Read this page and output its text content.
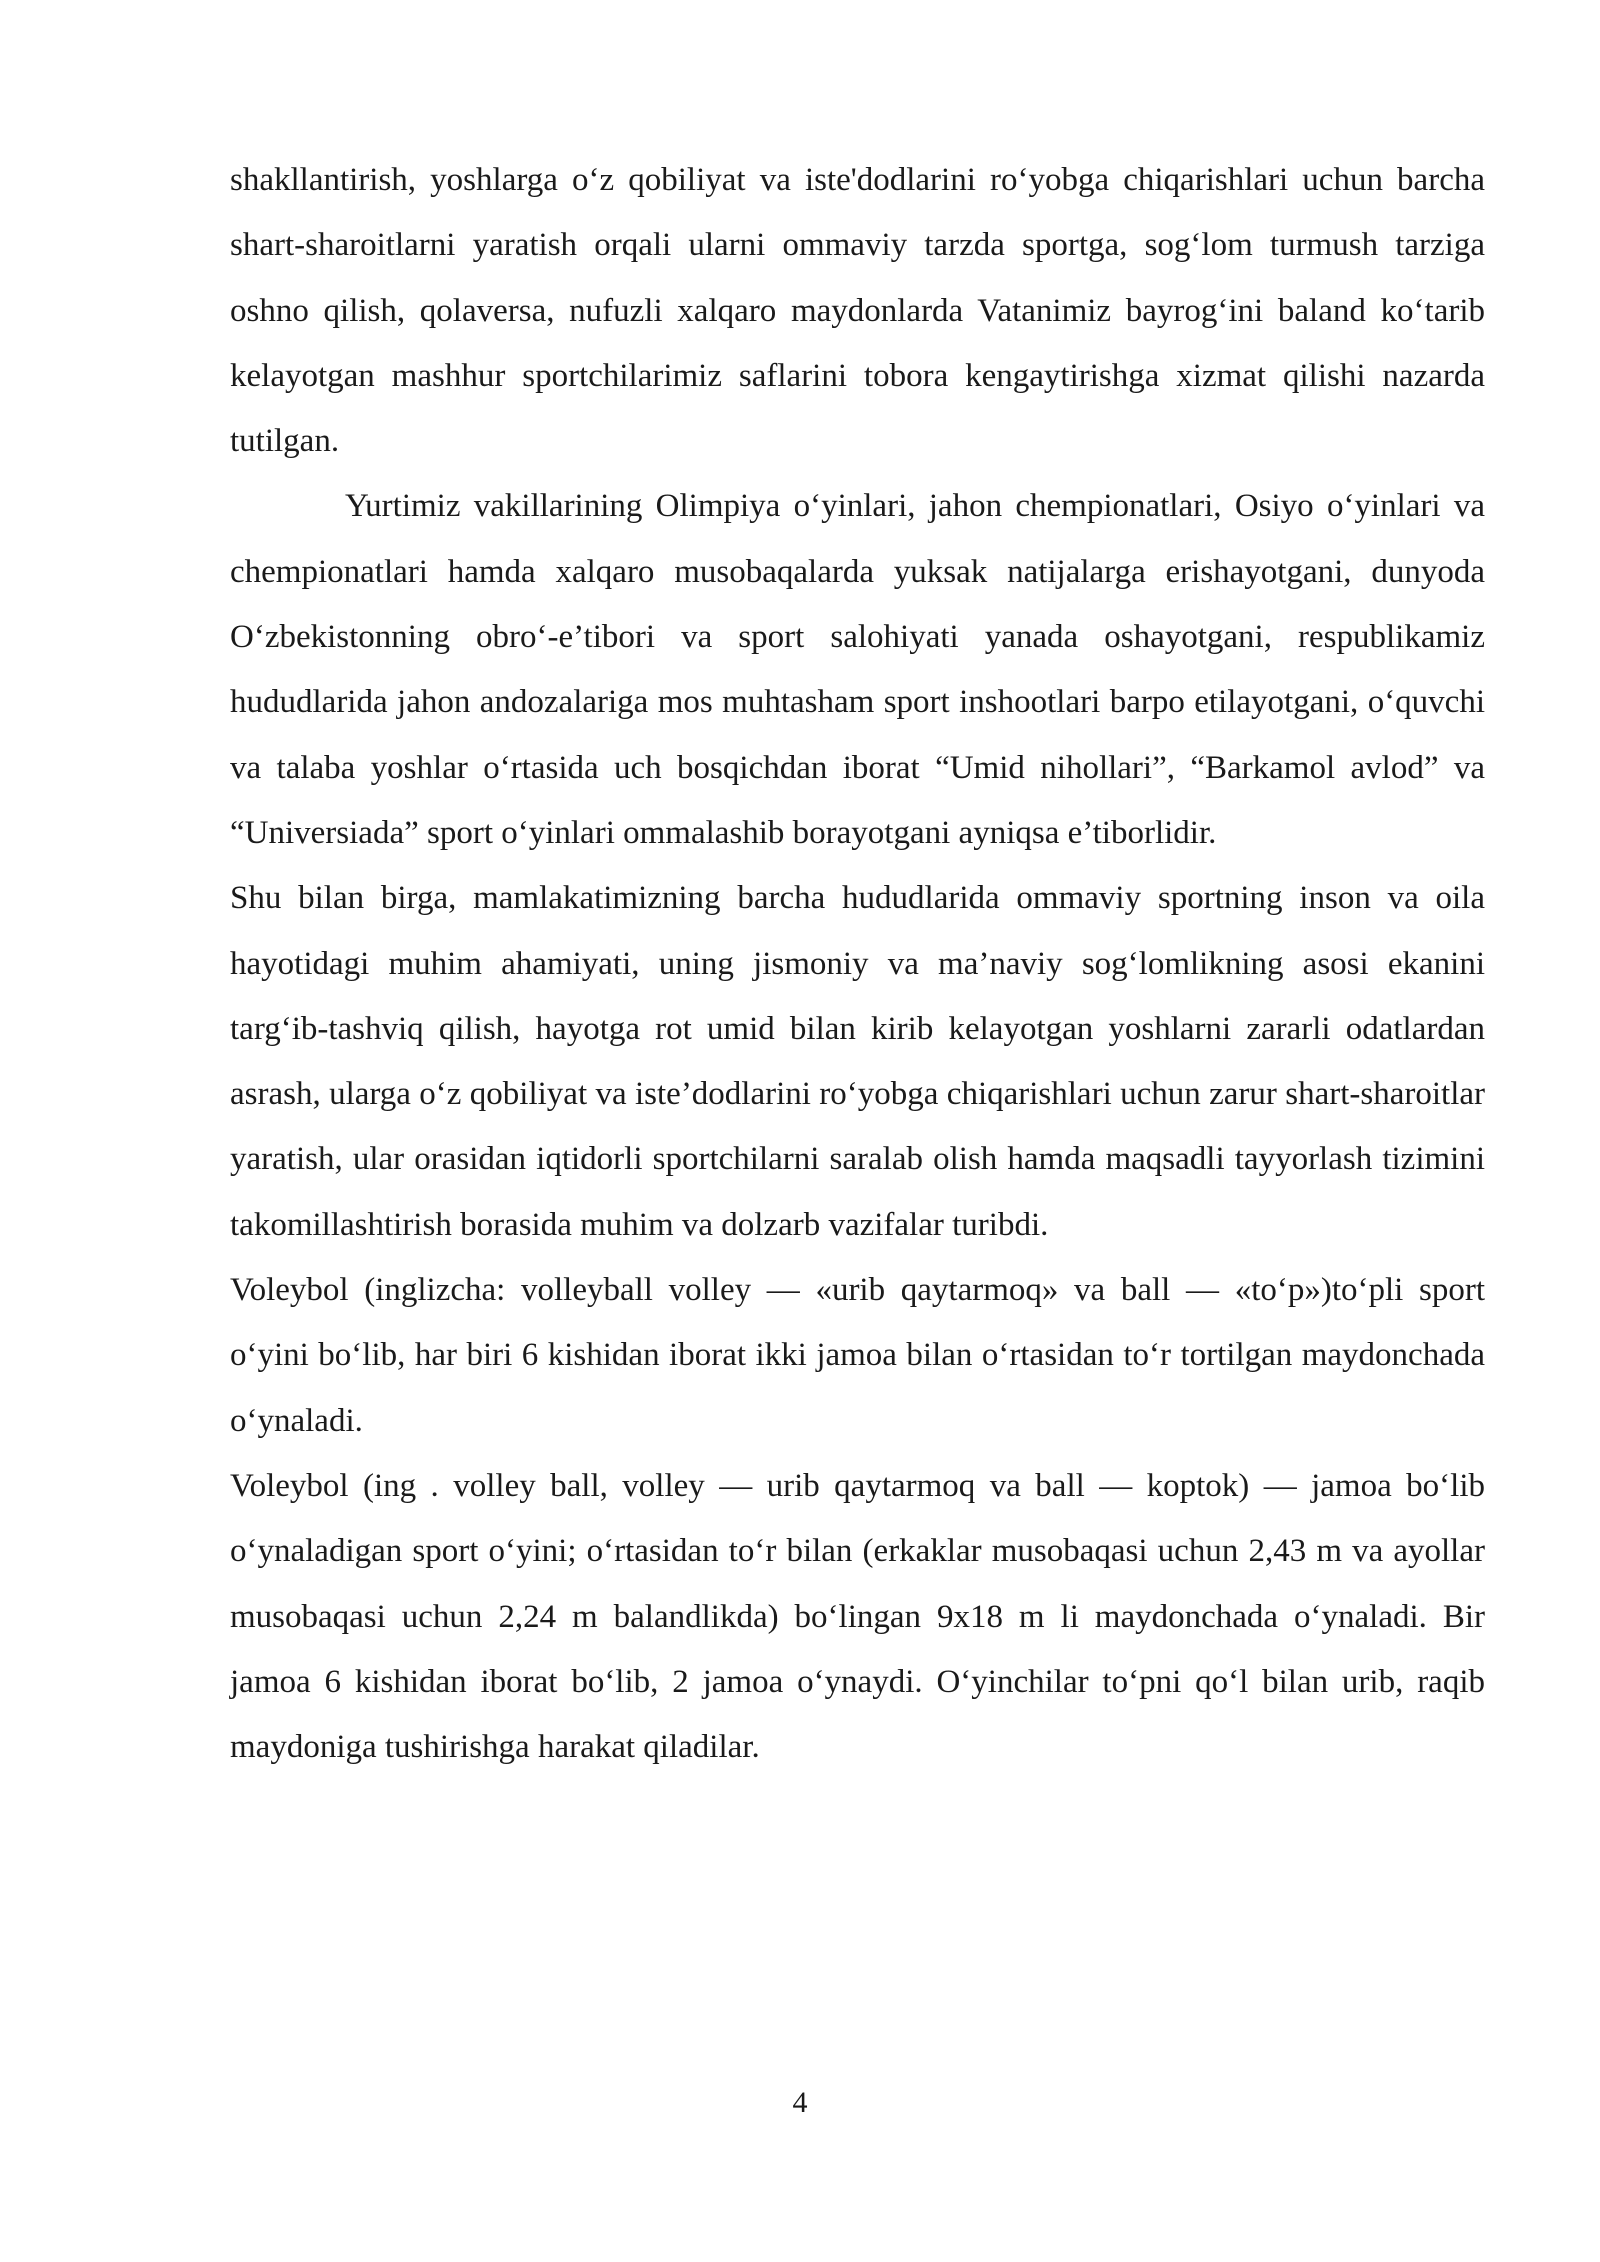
shakllantirish, yoshlarga o‘z qobiliyat va iste'dodlarini ro‘yobga chiqarishlari uchun barcha shart-sharoitlarni yaratish orqali ularni ommaviy tarzda sportga, sog‘lom turmush tarziga oshno qilish, qolaversa, nufuzli xalqaro maydonlarda Vatanimiz bayrog‘ini baland ko‘tarib kelayotgan mashhur sportchilarimiz saflarini tobora kengaytirishga xizmat qilishi nazarda tutilgan.

Yurtimiz vakillarining Olimpiya o‘yinlari, jahon chempionatlari, Osiyo o‘yinlari va chempionatlari hamda xalqaro musobaqalarda yuksak natijalarga erishayotgani, dunyoda O‘zbekistonning obro‘-e’tibori va sport salohiyati yanada oshayotgani, respublikamiz hududlarida jahon andozalariga mos muhtasham sport inshootlari barpo etilayotgani, o‘quvchi va talaba yoshlar o‘rtasida uch bosqichdan iborat “Umid nihollari”, “Barkamol avlod” va “Universiada” sport o‘yinlari ommalashib borayotgani ayniqsa e’tiborlidir.

Shu bilan birga, mamlakatimizning barcha hududlarida ommaviy sportning inson va oila hayotidagi muhim ahamiyati, uning jismoniy va ma’naviy sog‘lomlikning asosi ekanini targ‘ib-tashviq qilish, hayotga rot umid bilan kirib kelayotgan yoshlarni zararli odatlardan asrash, ularga o‘z qobiliyat va iste’dodlarini ro‘yobga chiqarishlari uchun zarur shart-sharoitlar yaratish, ular orasidan iqtidorli sportchilarni saralab olish hamda maqsadli tayyorlash tizimini takomillashtirish borasida muhim va dolzarb vazifalar turibdi.

Voleybol (inglizcha: volleyball volley — «urib qaytarmoq» va ball — «to‘p»)to‘pli sport o‘yini bo‘lib, har biri 6 kishidan iborat ikki jamoa bilan o‘rtasidan to‘r tortilgan maydonchada o‘ynaladi.

Voleybol (ing . volley ball, volley — urib qaytarmoq va ball — koptok) — jamoa bo‘lib o‘ynaladigan sport o‘yini; o‘rtasidan to‘r bilan (erkaklar musobaqasi uchun 2,43 m va ayollar musobaqasi uchun 2,24 m balandlikda) bo‘lingan 9x18 m li maydonchada o‘ynaladi. Bir jamoa 6 kishidan iborat bo‘lib, 2 jamoa o‘ynaydi. O‘yinchilar to‘pni qo‘l bilan urib, raqib maydoniga tushirishga harakat qiladilar.

4
